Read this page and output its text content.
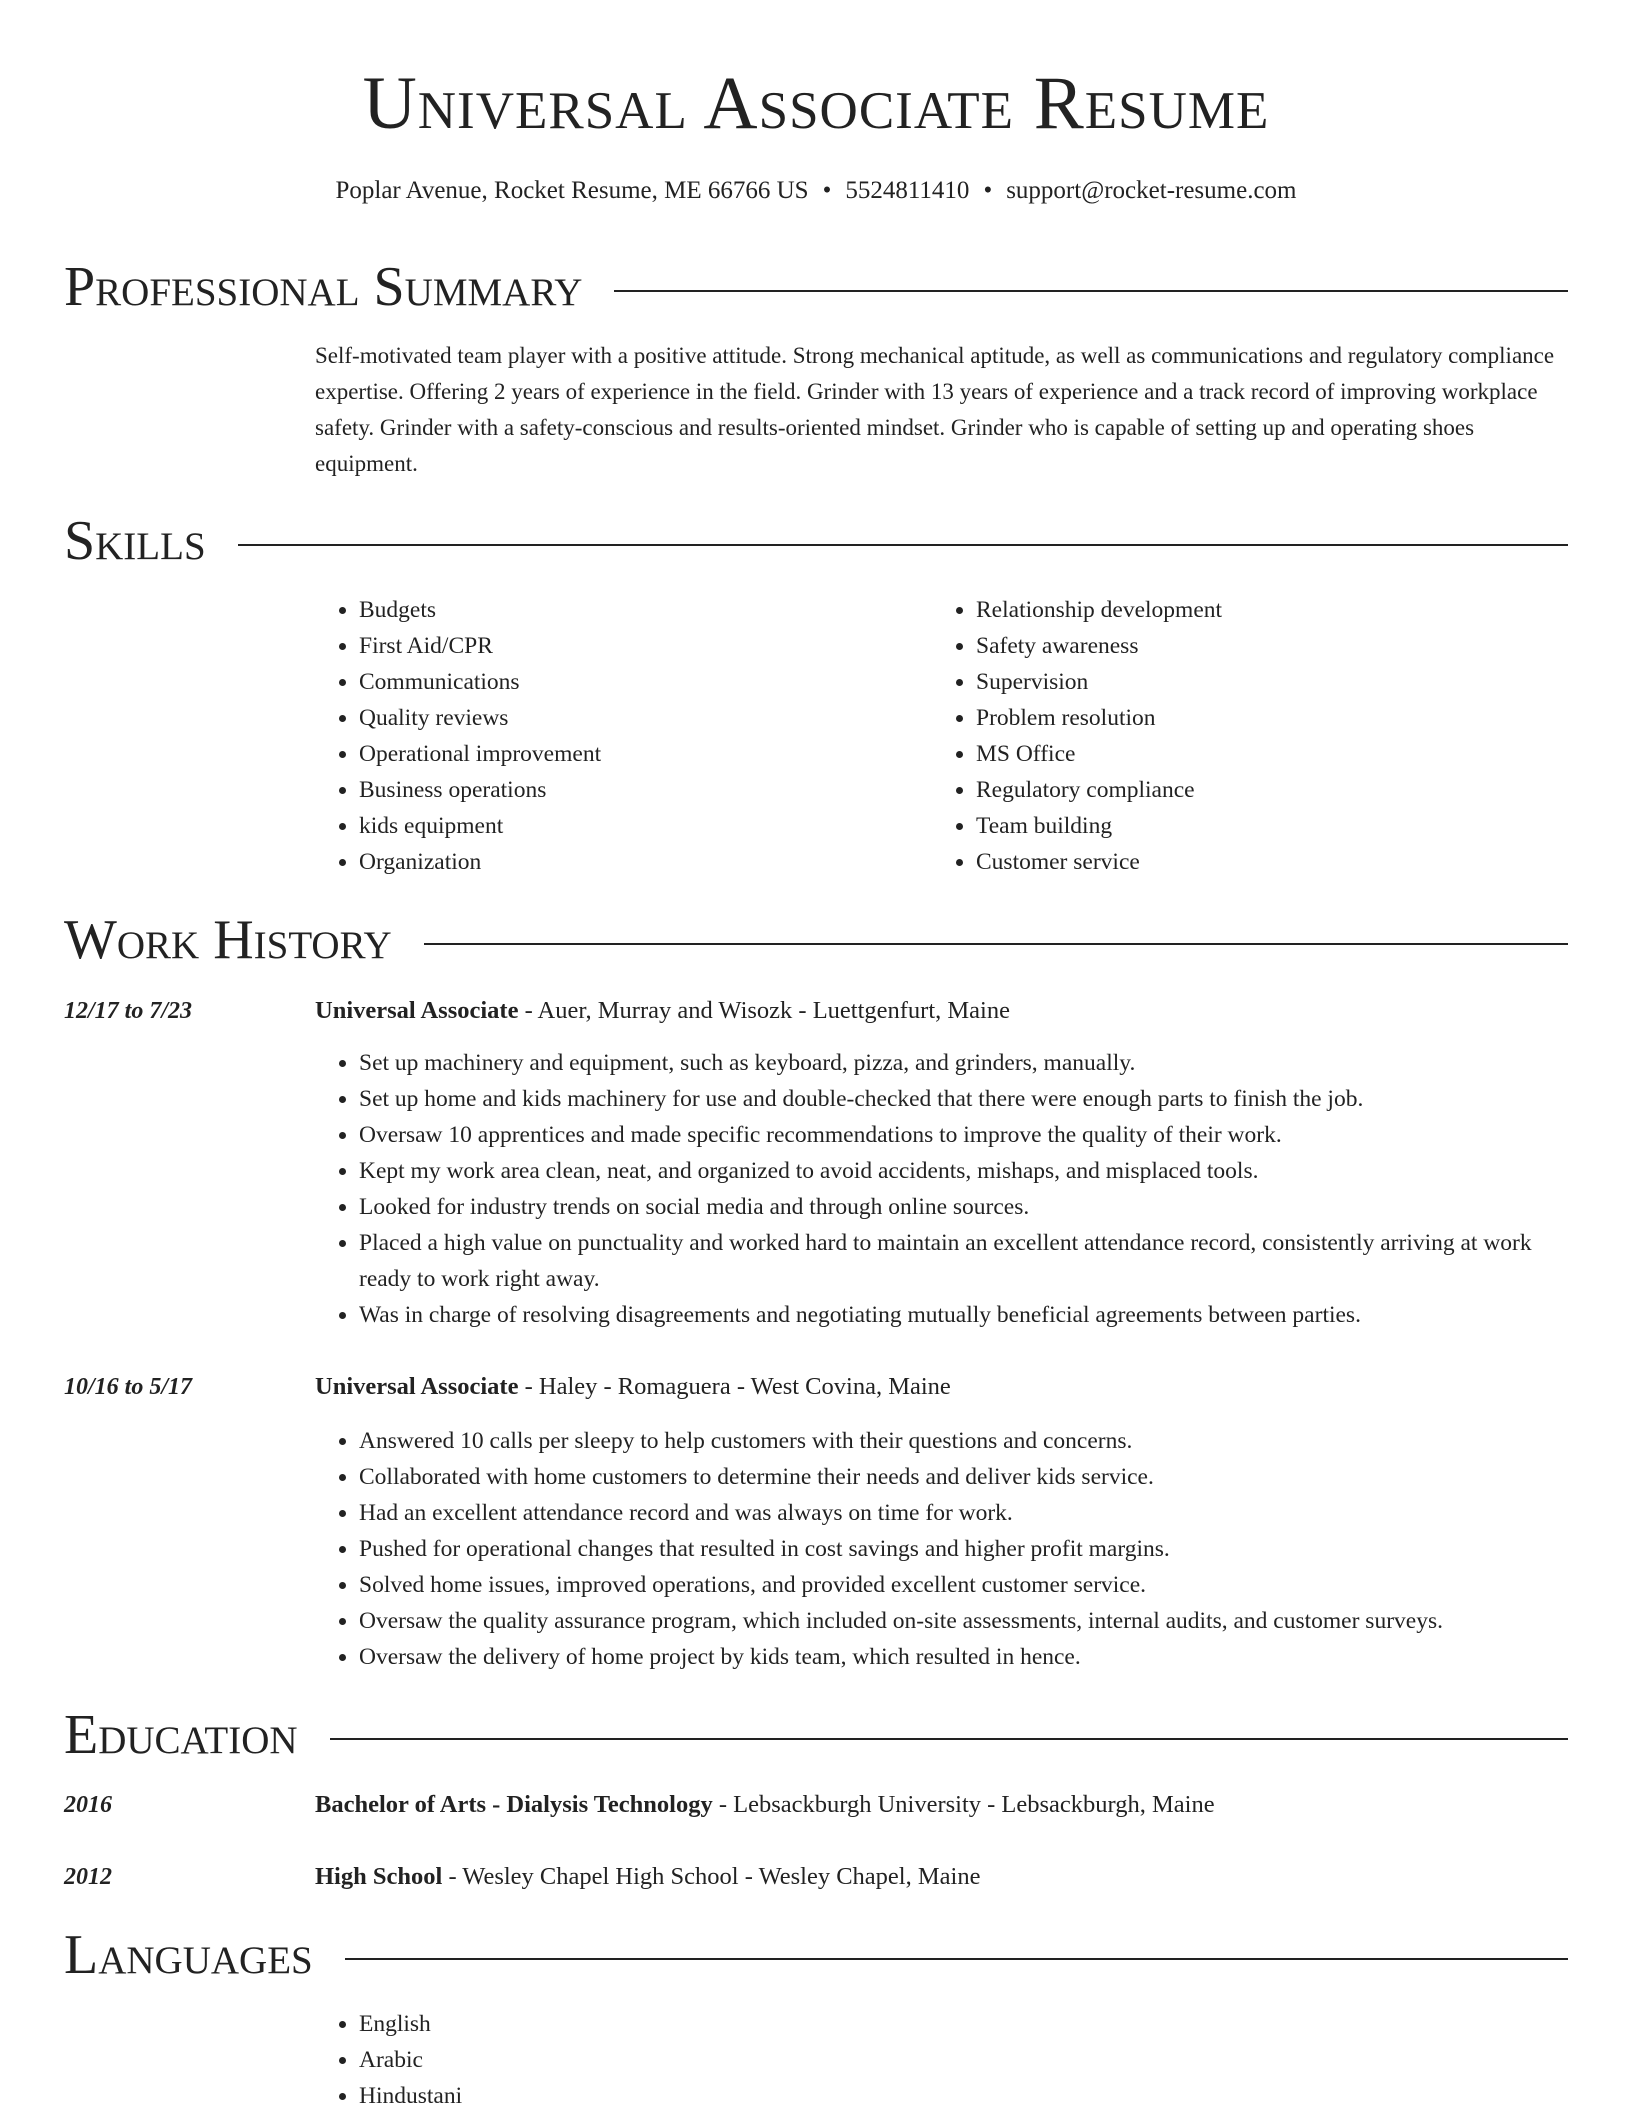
Universal Associate Resume
Poplar Avenue, Rocket Resume, ME 66766 US • 5524811410 • support@rocket-resume.com
Professional Summary

Self-motivated team player with a positive attitude. Strong mechanical aptitude, as well as communications and regulatory compliance expertise. Offering 2 years of experience in the field. Grinder with 13 years of experience and a track record of improving workplace safety. Grinder with a safety-conscious and results-oriented mindset. Grinder who is capable of setting up and operating shoes equipment.

Skills
• Budgets
• First Aid/CPR
• Communications
• Quality reviews
• Operational improvement
• Business operations
• kids equipment
• Organization
• Relationship development
• Safety awareness
• Supervision
• Problem resolution
• MS Office
• Regulatory compliance
• Team building
• Customer service
Work History
12/17 to 7/23	Universal Associate - Auer, Murray and Wisozk - Luettgenfurt, Maine
• Set up machinery and equipment, such as keyboard, pizza, and grinders, manually.
• Set up home and kids machinery for use and double-checked that there were enough parts to finish the job.
• Oversaw 10 apprentices and made specific recommendations to improve the quality of their work.
• Kept my work area clean, neat, and organized to avoid accidents, mishaps, and misplaced tools.
• Looked for industry trends on social media and through online sources.
• Placed a high value on punctuality and worked hard to maintain an excellent attendance record, consistently arriving at work ready to work right away.
• Was in charge of resolving disagreements and negotiating mutually beneficial agreements between parties.
10/16 to 5/17	Universal Associate - Haley - Romaguera - West Covina, Maine
• Answered 10 calls per sleepy to help customers with their questions and concerns.
• Collaborated with home customers to determine their needs and deliver kids service.
• Had an excellent attendance record and was always on time for work.
• Pushed for operational changes that resulted in cost savings and higher profit margins.
• Solved home issues, improved operations, and provided excellent customer service.
• Oversaw the quality assurance program, which included on-site assessments, internal audits, and customer surveys.
• Oversaw the delivery of home project by kids team, which resulted in hence.
Education
2016	Bachelor of Arts - Dialysis Technology - Lebsackburgh University - Lebsackburgh, Maine
2012	High School - Wesley Chapel High School - Wesley Chapel, Maine
Languages
• English
• Arabic
• Hindustani
